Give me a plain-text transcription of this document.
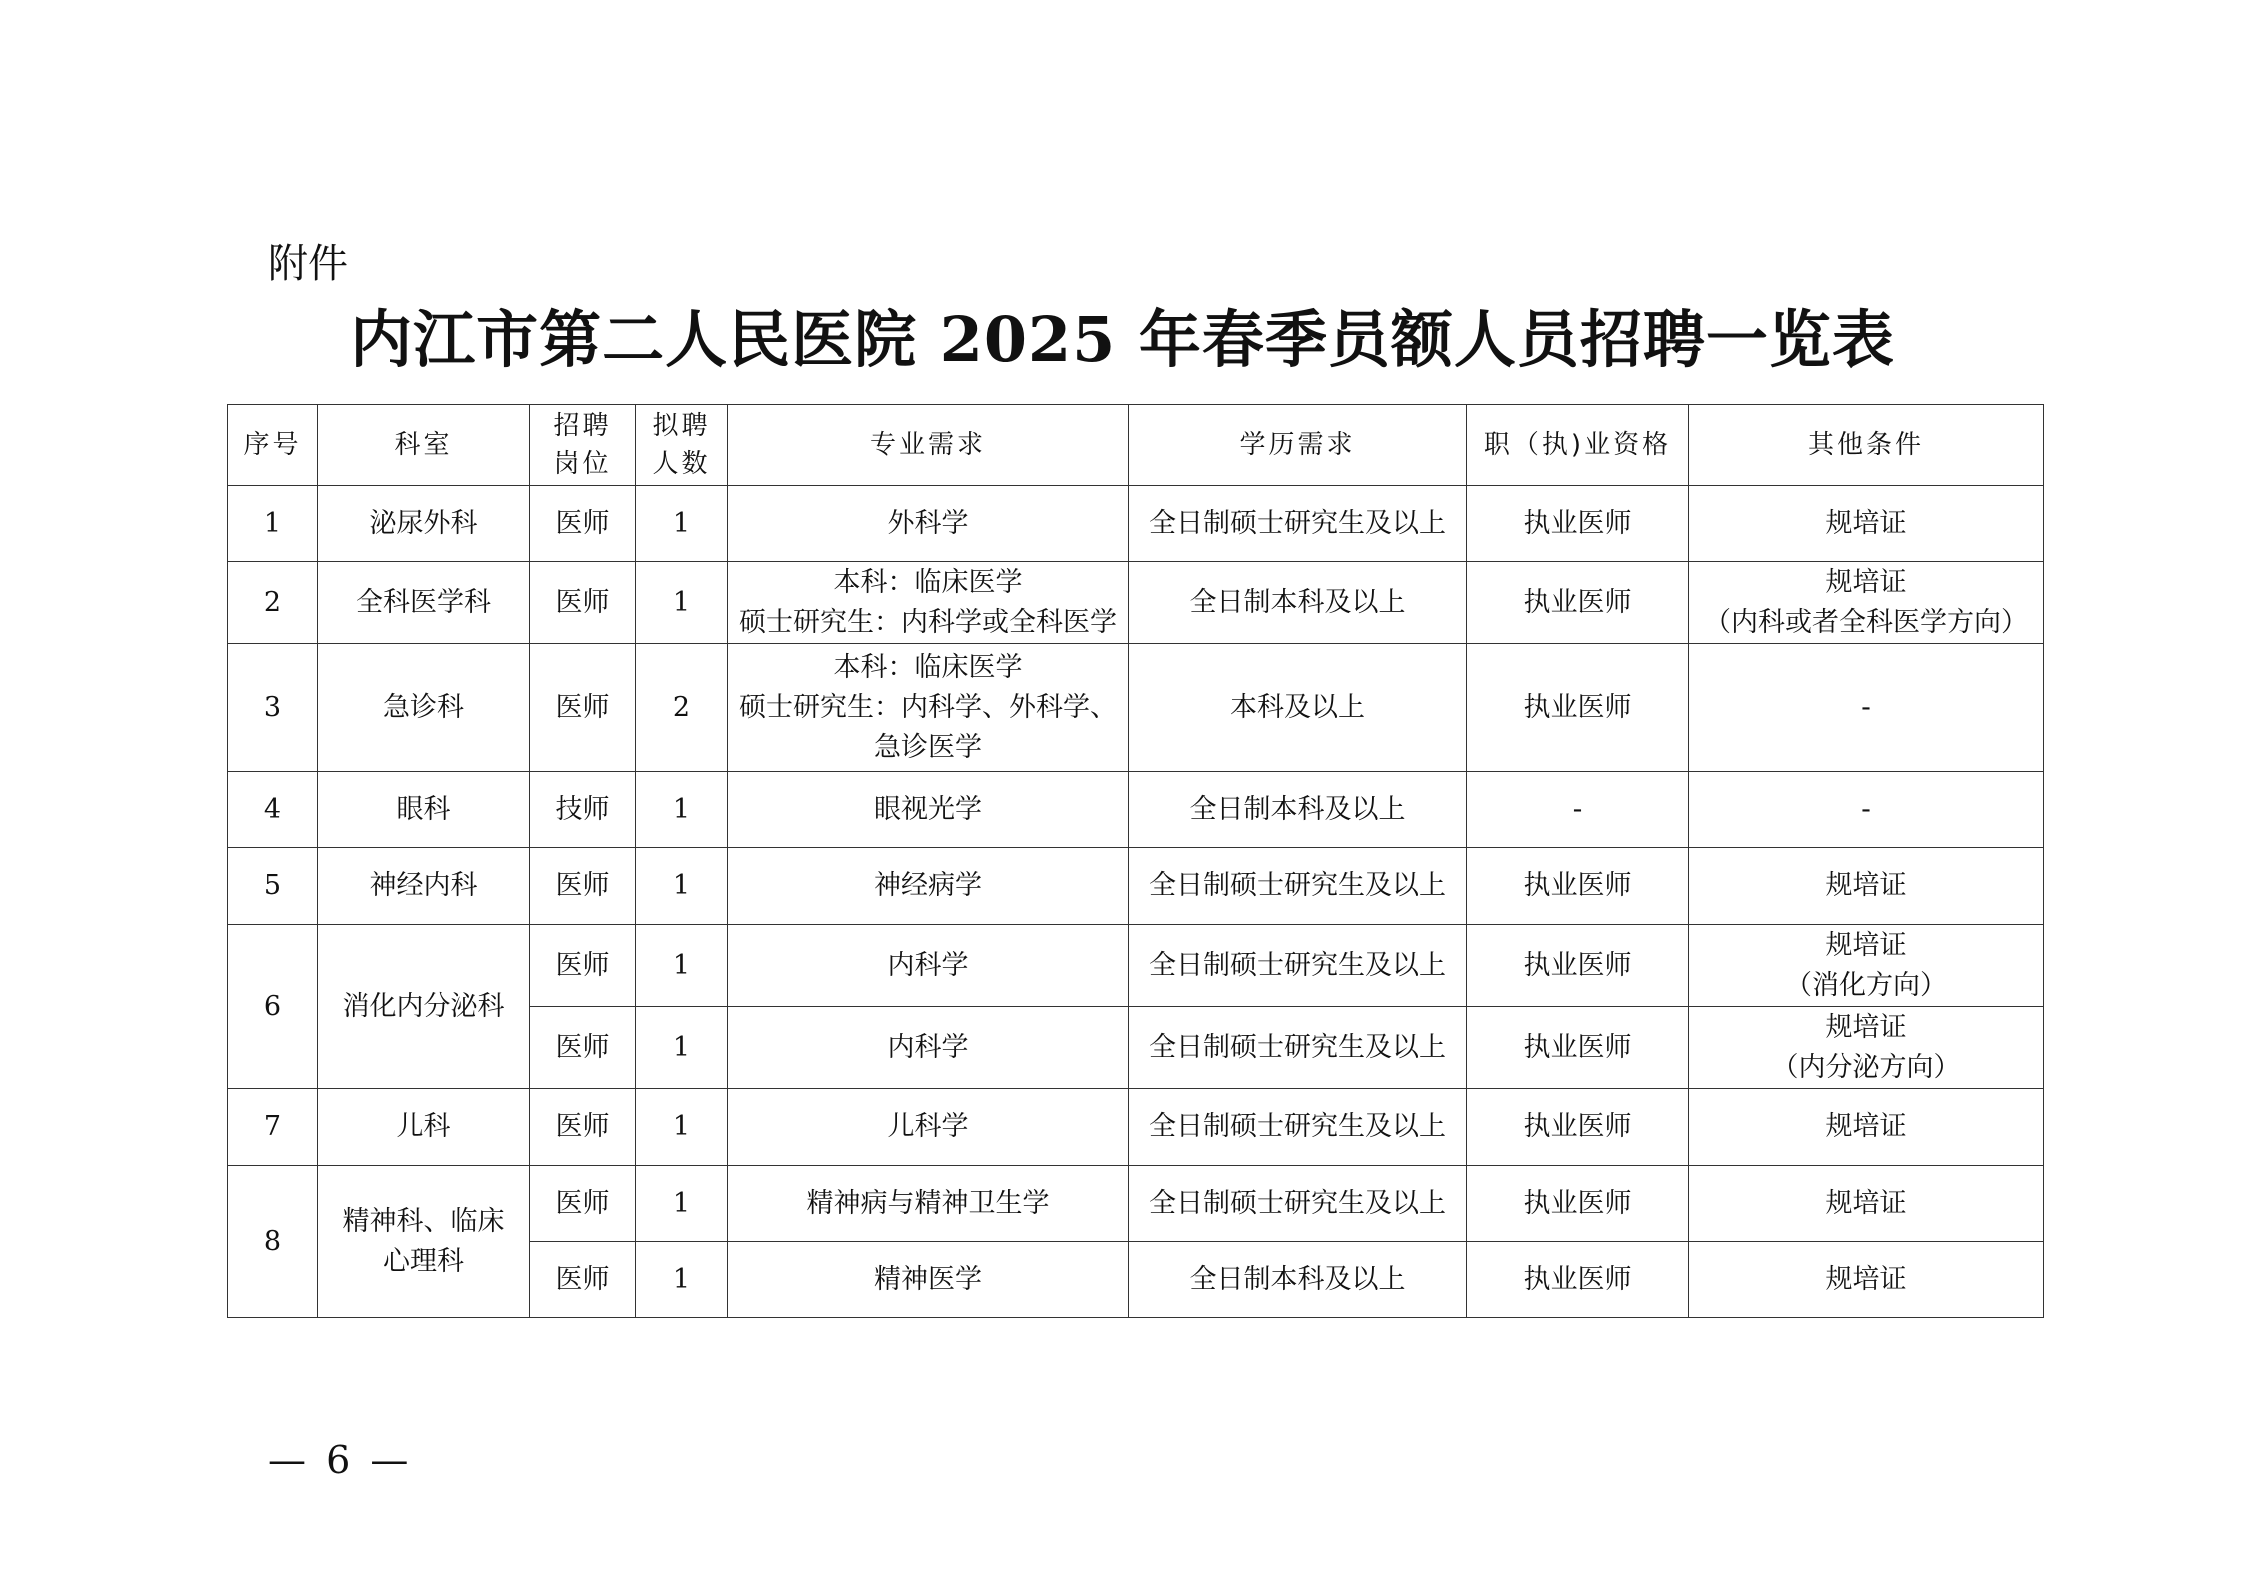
附件
内江市第二人民医院 2025 年春季员额人员招聘一览表
序号	科室	招聘岗位	拟聘人数	专业需求	学历需求	职（执)业资格	其他条件
1	泌尿外科	医师	1	外科学	全日制硕士研究生及以上	执业医师	规培证

2	全科医学科	医师	1	本科：临床医学
硕士研究生：内科学或全科医学	全日制本科及以上	执业医师	规培证
（内科或者全科医学方向）

3	急诊科	医师	2	本科：临床医学
硕士研究生：内科学、外科学、
急诊医学	本科及以上	执业医师	-

4	眼科	技师	1	眼视光学	全日制本科及以上	-	-

5	神经内科	医师	1	神经病学	全日制硕士研究生及以上	执业医师	规培证

6	消化内分泌科	医师	1	内科学	全日制硕士研究生及以上	执业医师	规培证
（消化方向）

		医师	1	内科学	全日制硕士研究生及以上	执业医师	规培证
（内分泌方向）

7	儿科	医师	1	儿科学	全日制硕士研究生及以上	执业医师	规培证

8	精神科、临床心理科	医师	1	精神病与精神卫生学	全日制硕士研究生及以上	执业医师	规培证

		医师	1	精神医学	全日制本科及以上	执业医师	规培证
— 6 —
